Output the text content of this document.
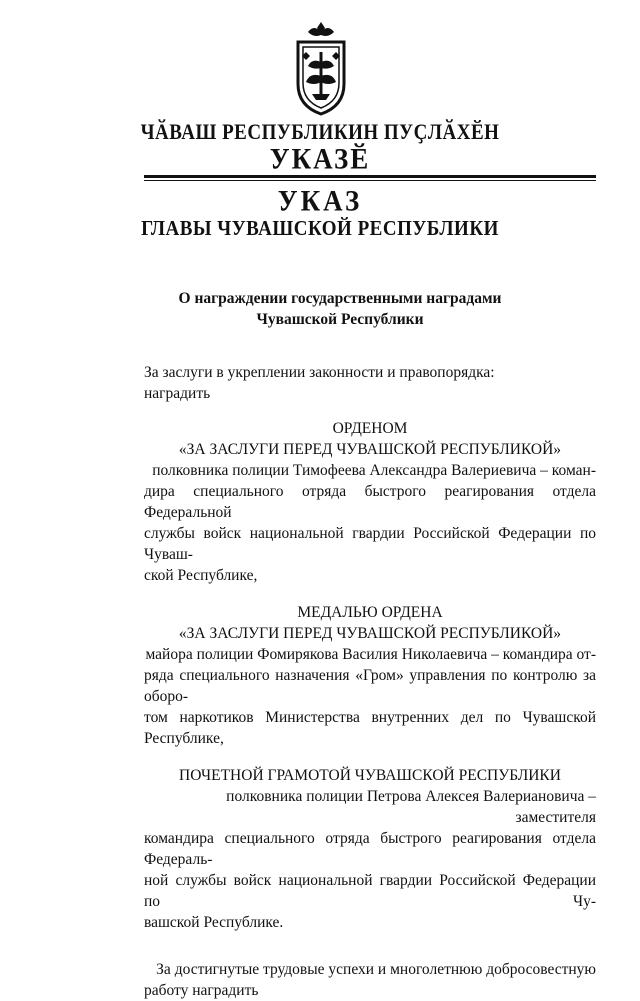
ЧӐВАШ РЕСПУБЛИКИН ПУҪЛӐХӖН
УКАЗӖ
УКАЗ
ГЛАВЫ ЧУВАШСКОЙ РЕСПУБЛИКИ
О награждении государственными наградами
Чувашской Республики
За заслуги в укреплении законности и правопорядка:
наградить
ОРДЕНОМ
«ЗА ЗАСЛУГИ ПЕРЕД ЧУВАШСКОЙ РЕСПУБЛИКОЙ»
полковника полиции Тимофеева Александра Валериевича – коман-
дира специального отряда быстрого реагирования отдела Федеральной
службы войск национальной гвардии Российской Федерации по Чуваш-
ской Республике,
МЕДАЛЬЮ ОРДЕНА
«ЗА ЗАСЛУГИ ПЕРЕД ЧУВАШСКОЙ РЕСПУБЛИКОЙ»
майора полиции Фомирякова Василия Николаевича – командира от-
ряда специального назначения «Гром» управления по контролю за оборо-
том наркотиков Министерства внутренних дел по Чувашской Республике,
ПОЧЕТНОЙ ГРАМОТОЙ ЧУВАШСКОЙ РЕСПУБЛИКИ
полковника полиции Петрова Алексея Валериановича – заместителя
командира специального отряда быстрого реагирования отдела Федераль-
ной службы войск национальной гвардии Российской Федерации по Чу-
вашской Республике.
За достигнутые трудовые успехи и многолетнюю добросовестную
работу наградить
